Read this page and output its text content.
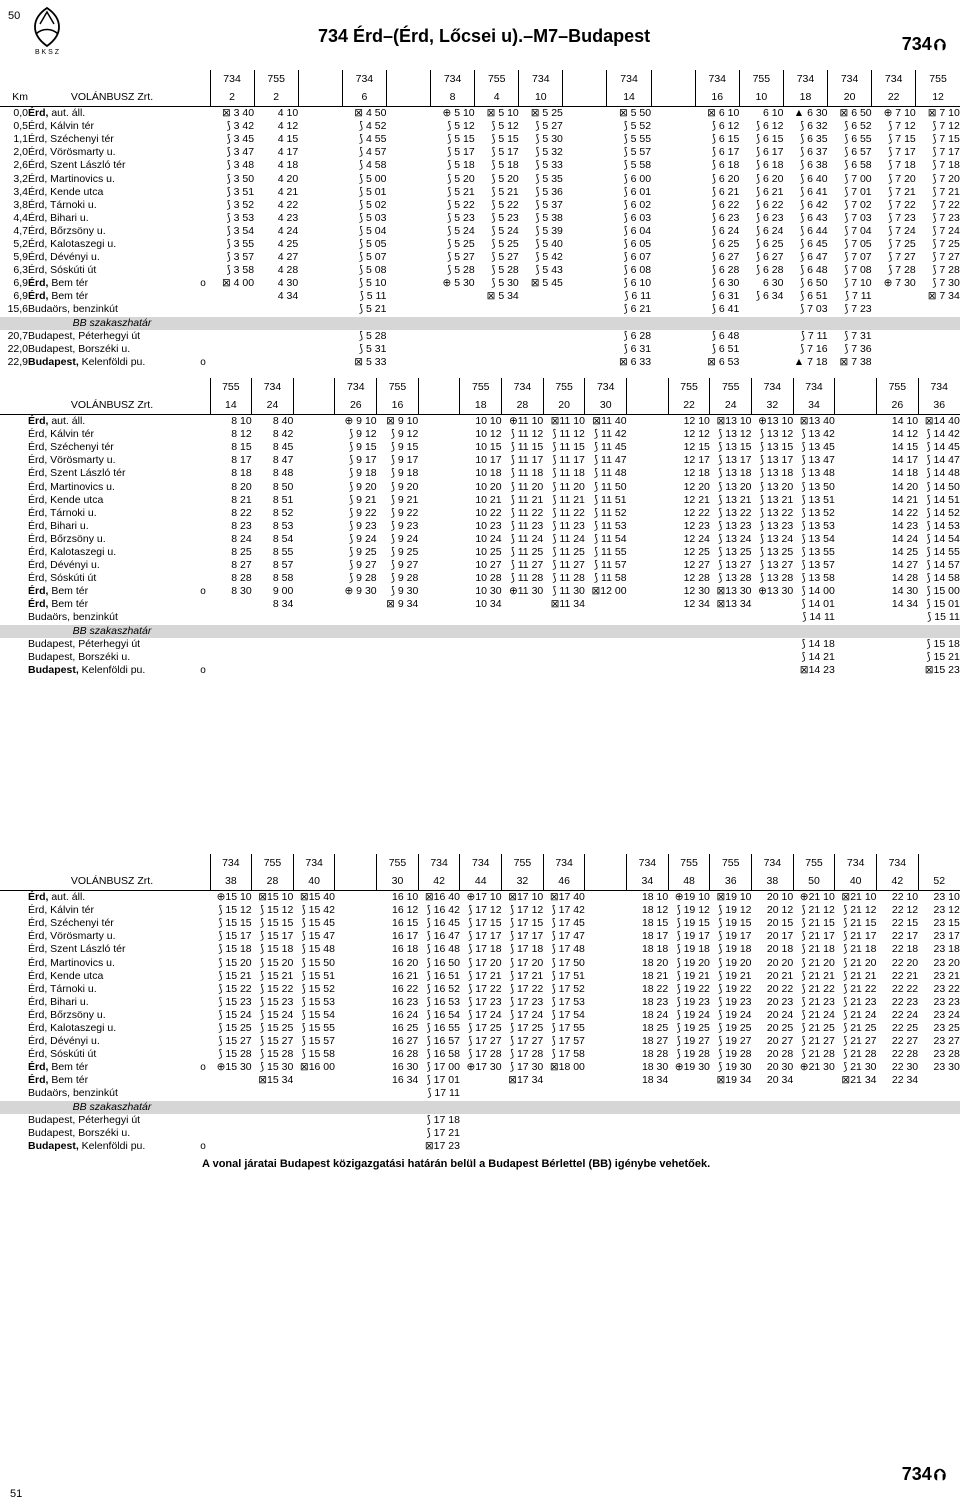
50
51
B K S Z
734 Érd–(Érd, Lőcsei u).–M7–Budapest	734 ⮉
			734	755		734		734	755	734		734		734	755	734	734	734	755
Km	VOLÁNBUSZ Zrt.		2	2		6		8	4	10		14		16	10	18	20	22	12
0,0	Érd, aut. áll.		⊠ 3 40	4 10		⊠ 4 50		⊕ 5 10	⊠ 5 10	⊠ 5 25		⊠ 5 50		⊠ 6 10	6 10	▲ 6 30	⊠ 6 50	⊕ 7 10	⊠ 7 10
0,5	Érd, Kálvin tér		⟆ 3 42	4 12		⟆ 4 52		⟆ 5 12	⟆ 5 12	⟆ 5 27		⟆ 5 52		⟆ 6 12	⟆ 6 12	⟆ 6 32	⟆ 6 52	⟆ 7 12	⟆ 7 12
1,1	Érd, Széchenyi tér		⟆ 3 45	4 15		⟆ 4 55		⟆ 5 15	⟆ 5 15	⟆ 5 30		⟆ 5 55		⟆ 6 15	⟆ 6 15	⟆ 6 35	⟆ 6 55	⟆ 7 15	⟆ 7 15
2,0	Érd, Vörösmarty u.		⟆ 3 47	4 17		⟆ 4 57		⟆ 5 17	⟆ 5 17	⟆ 5 32		⟆ 5 57		⟆ 6 17	⟆ 6 17	⟆ 6 37	⟆ 6 57	⟆ 7 17	⟆ 7 17
2,6	Érd, Szent László tér		⟆ 3 48	4 18		⟆ 4 58		⟆ 5 18	⟆ 5 18	⟆ 5 33		⟆ 5 58		⟆ 6 18	⟆ 6 18	⟆ 6 38	⟆ 6 58	⟆ 7 18	⟆ 7 18
3,2	Érd, Martinovics u.		⟆ 3 50	4 20		⟆ 5 00		⟆ 5 20	⟆ 5 20	⟆ 5 35		⟆ 6 00		⟆ 6 20	⟆ 6 20	⟆ 6 40	⟆ 7 00	⟆ 7 20	⟆ 7 20
3,4	Érd, Kende utca		⟆ 3 51	4 21		⟆ 5 01		⟆ 5 21	⟆ 5 21	⟆ 5 36		⟆ 6 01		⟆ 6 21	⟆ 6 21	⟆ 6 41	⟆ 7 01	⟆ 7 21	⟆ 7 21
3,8	Érd, Tárnoki u.		⟆ 3 52	4 22		⟆ 5 02		⟆ 5 22	⟆ 5 22	⟆ 5 37		⟆ 6 02		⟆ 6 22	⟆ 6 22	⟆ 6 42	⟆ 7 02	⟆ 7 22	⟆ 7 22
4,4	Érd, Bihari u.		⟆ 3 53	4 23		⟆ 5 03		⟆ 5 23	⟆ 5 23	⟆ 5 38		⟆ 6 03		⟆ 6 23	⟆ 6 23	⟆ 6 43	⟆ 7 03	⟆ 7 23	⟆ 7 23
4,7	Érd, Bőrzsöny u.		⟆ 3 54	4 24		⟆ 5 04		⟆ 5 24	⟆ 5 24	⟆ 5 39		⟆ 6 04		⟆ 6 24	⟆ 6 24	⟆ 6 44	⟆ 7 04	⟆ 7 24	⟆ 7 24
5,2	Érd, Kalotaszegi u.		⟆ 3 55	4 25		⟆ 5 05		⟆ 5 25	⟆ 5 25	⟆ 5 40		⟆ 6 05		⟆ 6 25	⟆ 6 25	⟆ 6 45	⟆ 7 05	⟆ 7 25	⟆ 7 25
5,9	Érd, Dévényi u.		⟆ 3 57	4 27		⟆ 5 07		⟆ 5 27	⟆ 5 27	⟆ 5 42		⟆ 6 07		⟆ 6 27	⟆ 6 27	⟆ 6 47	⟆ 7 07	⟆ 7 27	⟆ 7 27
6,3	Érd, Sóskúti út		⟆ 3 58	4 28		⟆ 5 08		⟆ 5 28	⟆ 5 28	⟆ 5 43		⟆ 6 08		⟆ 6 28	⟆ 6 28	⟆ 6 48	⟆ 7 08	⟆ 7 28	⟆ 7 28
6,9	Érd, Bem tér	o	⊠ 4 00	4 30		⟆ 5 10		⊕ 5 30	⟆ 5 30	⊠ 5 45		⟆ 6 10		⟆ 6 30	6 30	⟆ 6 50	⟆ 7 10	⊕ 7 30	⟆ 7 30
6,9	Érd, Bem tér			4 34		⟆ 5 11			⊠ 5 34			⟆ 6 11		⟆ 6 31	⟆ 6 34	⟆ 6 51	⟆ 7 11		⊠ 7 34
15,6	Budaörs, benzinkút					⟆ 5 21						⟆ 6 21		⟆ 6 41		⟆ 7 03	⟆ 7 23		
	BB szakaszhatár																		
20,7	Budapest, Péterhegyi út					⟆ 5 28						⟆ 6 28		⟆ 6 48		⟆ 7 11	⟆ 7 31		
22,0	Budapest, Borszéki u.					⟆ 5 31						⟆ 6 31		⟆ 6 51		⟆ 7 16	⟆ 7 36		
22,9	Budapest, Kelenföldi pu.	o				⊠ 5 33						⊠ 6 33		⊠ 6 53		▲ 7 18	⊠ 7 38		
			755	734		734	755		755	734	755	734		755	755	734	734		755	734
	VOLÁNBUSZ Zrt.		14	24		26	16		18	28	20	30		22	24	32	34		26	36
	Érd, aut. áll.		8 10	8 40		⊕ 9 10	⊠ 9 10		10 10	⊕11 10	⊠11 10	⊠11 40		12 10	⊠13 10	⊕13 10	⊠13 40		14 10	⊠14 40
	Érd, Kálvin tér		8 12	8 42		⟆ 9 12	⟆ 9 12		10 12	⟆ 11 12	⟆ 11 12	⟆ 11 42		12 12	⟆ 13 12	⟆ 13 12	⟆ 13 42		14 12	⟆ 14 42
	Érd, Széchenyi tér		8 15	8 45		⟆ 9 15	⟆ 9 15		10 15	⟆ 11 15	⟆ 11 15	⟆ 11 45		12 15	⟆ 13 15	⟆ 13 15	⟆ 13 45		14 15	⟆ 14 45
	Érd, Vörösmarty u.		8 17	8 47		⟆ 9 17	⟆ 9 17		10 17	⟆ 11 17	⟆ 11 17	⟆ 11 47		12 17	⟆ 13 17	⟆ 13 17	⟆ 13 47		14 17	⟆ 14 47
	Érd, Szent László tér		8 18	8 48		⟆ 9 18	⟆ 9 18		10 18	⟆ 11 18	⟆ 11 18	⟆ 11 48		12 18	⟆ 13 18	⟆ 13 18	⟆ 13 48		14 18	⟆ 14 48
	Érd, Martinovics u.		8 20	8 50		⟆ 9 20	⟆ 9 20		10 20	⟆ 11 20	⟆ 11 20	⟆ 11 50		12 20	⟆ 13 20	⟆ 13 20	⟆ 13 50		14 20	⟆ 14 50
	Érd, Kende utca		8 21	8 51		⟆ 9 21	⟆ 9 21		10 21	⟆ 11 21	⟆ 11 21	⟆ 11 51		12 21	⟆ 13 21	⟆ 13 21	⟆ 13 51		14 21	⟆ 14 51
	Érd, Tárnoki u.		8 22	8 52		⟆ 9 22	⟆ 9 22		10 22	⟆ 11 22	⟆ 11 22	⟆ 11 52		12 22	⟆ 13 22	⟆ 13 22	⟆ 13 52		14 22	⟆ 14 52
	Érd, Bihari u.		8 23	8 53		⟆ 9 23	⟆ 9 23		10 23	⟆ 11 23	⟆ 11 23	⟆ 11 53		12 23	⟆ 13 23	⟆ 13 23	⟆ 13 53		14 23	⟆ 14 53
	Érd, Bőrzsöny u.		8 24	8 54		⟆ 9 24	⟆ 9 24		10 24	⟆ 11 24	⟆ 11 24	⟆ 11 54		12 24	⟆ 13 24	⟆ 13 24	⟆ 13 54		14 24	⟆ 14 54
	Érd, Kalotaszegi u.		8 25	8 55		⟆ 9 25	⟆ 9 25		10 25	⟆ 11 25	⟆ 11 25	⟆ 11 55		12 25	⟆ 13 25	⟆ 13 25	⟆ 13 55		14 25	⟆ 14 55
	Érd, Dévényi u.		8 27	8 57		⟆ 9 27	⟆ 9 27		10 27	⟆ 11 27	⟆ 11 27	⟆ 11 57		12 27	⟆ 13 27	⟆ 13 27	⟆ 13 57		14 27	⟆ 14 57
	Érd, Sóskúti út		8 28	8 58		⟆ 9 28	⟆ 9 28		10 28	⟆ 11 28	⟆ 11 28	⟆ 11 58		12 28	⟆ 13 28	⟆ 13 28	⟆ 13 58		14 28	⟆ 14 58
	Érd, Bem tér	o	8 30	9 00		⊕ 9 30	⟆ 9 30		10 30	⊕11 30	⟆ 11 30	⊠12 00		12 30	⊠13 30	⊕13 30	⟆ 14 00		14 30	⟆ 15 00
	Érd, Bem tér			8 34			⊠ 9 34		10 34		⊠11 34			12 34	⊠13 34		⟆ 14 01		14 34	⟆ 15 01
	Budaörs, benzinkút																⟆ 14 11			⟆ 15 11
	BB szakaszhatár																			
	Budapest, Péterhegyi út																⟆ 14 18			⟆ 15 18
	Budapest, Borszéki u.																⟆ 14 21			⟆ 15 21
	Budapest, Kelenföldi pu.	o															⊠14 23			⊠15 23
			734	755	734		755	734	734	755	734		734	755	755	734	755	734	734	
	VOLÁNBUSZ Zrt.		38	28	40		30	42	44	32	46		34	48	36	38	50	40	42	52
	Érd, aut. áll.		⊕15 10	⊠15 10	⊠15 40		16 10	⊠16 40	⊕17 10	⊠17 10	⊠17 40		18 10	⊕19 10	⊠19 10	20 10	⊕21 10	⊠21 10	22 10	23 10
	Érd, Kálvin tér		⟆ 15 12	⟆ 15 12	⟆ 15 42		16 12	⟆ 16 42	⟆ 17 12	⟆ 17 12	⟆ 17 42		18 12	⟆ 19 12	⟆ 19 12	20 12	⟆ 21 12	⟆ 21 12	22 12	23 12
	Érd, Széchenyi tér		⟆ 15 15	⟆ 15 15	⟆ 15 45		16 15	⟆ 16 45	⟆ 17 15	⟆ 17 15	⟆ 17 45		18 15	⟆ 19 15	⟆ 19 15	20 15	⟆ 21 15	⟆ 21 15	22 15	23 15
	Érd, Vörösmarty u.		⟆ 15 17	⟆ 15 17	⟆ 15 47		16 17	⟆ 16 47	⟆ 17 17	⟆ 17 17	⟆ 17 47		18 17	⟆ 19 17	⟆ 19 17	20 17	⟆ 21 17	⟆ 21 17	22 17	23 17
	Érd, Szent László tér		⟆ 15 18	⟆ 15 18	⟆ 15 48		16 18	⟆ 16 48	⟆ 17 18	⟆ 17 18	⟆ 17 48		18 18	⟆ 19 18	⟆ 19 18	20 18	⟆ 21 18	⟆ 21 18	22 18	23 18
	Érd, Martinovics u.		⟆ 15 20	⟆ 15 20	⟆ 15 50		16 20	⟆ 16 50	⟆ 17 20	⟆ 17 20	⟆ 17 50		18 20	⟆ 19 20	⟆ 19 20	20 20	⟆ 21 20	⟆ 21 20	22 20	23 20
	Érd, Kende utca		⟆ 15 21	⟆ 15 21	⟆ 15 51		16 21	⟆ 16 51	⟆ 17 21	⟆ 17 21	⟆ 17 51		18 21	⟆ 19 21	⟆ 19 21	20 21	⟆ 21 21	⟆ 21 21	22 21	23 21
	Érd, Tárnoki u.		⟆ 15 22	⟆ 15 22	⟆ 15 52		16 22	⟆ 16 52	⟆ 17 22	⟆ 17 22	⟆ 17 52		18 22	⟆ 19 22	⟆ 19 22	20 22	⟆ 21 22	⟆ 21 22	22 22	23 22
	Érd, Bihari u.		⟆ 15 23	⟆ 15 23	⟆ 15 53		16 23	⟆ 16 53	⟆ 17 23	⟆ 17 23	⟆ 17 53		18 23	⟆ 19 23	⟆ 19 23	20 23	⟆ 21 23	⟆ 21 23	22 23	23 23
	Érd, Bőrzsöny u.		⟆ 15 24	⟆ 15 24	⟆ 15 54		16 24	⟆ 16 54	⟆ 17 24	⟆ 17 24	⟆ 17 54		18 24	⟆ 19 24	⟆ 19 24	20 24	⟆ 21 24	⟆ 21 24	22 24	23 24
	Érd, Kalotaszegi u.		⟆ 15 25	⟆ 15 25	⟆ 15 55		16 25	⟆ 16 55	⟆ 17 25	⟆ 17 25	⟆ 17 55		18 25	⟆ 19 25	⟆ 19 25	20 25	⟆ 21 25	⟆ 21 25	22 25	23 25
	Érd, Dévényi u.		⟆ 15 27	⟆ 15 27	⟆ 15 57		16 27	⟆ 16 57	⟆ 17 27	⟆ 17 27	⟆ 17 57		18 27	⟆ 19 27	⟆ 19 27	20 27	⟆ 21 27	⟆ 21 27	22 27	23 27
	Érd, Sóskúti út		⟆ 15 28	⟆ 15 28	⟆ 15 58		16 28	⟆ 16 58	⟆ 17 28	⟆ 17 28	⟆ 17 58		18 28	⟆ 19 28	⟆ 19 28	20 28	⟆ 21 28	⟆ 21 28	22 28	23 28
	Érd, Bem tér	o	⊕15 30	⟆ 15 30	⊠16 00		16 30	⟆ 17 00	⊕17 30	⟆ 17 30	⊠18 00		18 30	⊕19 30	⟆ 19 30	20 30	⊕21 30	⟆ 21 30	22 30	23 30
	Érd, Bem tér			⊠15 34			16 34	⟆ 17 01		⊠17 34			18 34		⊠19 34	20 34		⊠21 34	22 34	
	Budaörs, benzinkút							⟆ 17 11												
	BB szakaszhatár																			
	Budapest, Péterhegyi út							⟆ 17 18												
	Budapest, Borszéki u.							⟆ 17 21												
	Budapest, Kelenföldi pu.	o						⊠17 23												
A vonal járatai Budapest közigazgatási határán belül a Budapest Bérlettel (BB) igénybe vehetőek.
734 ⮉
